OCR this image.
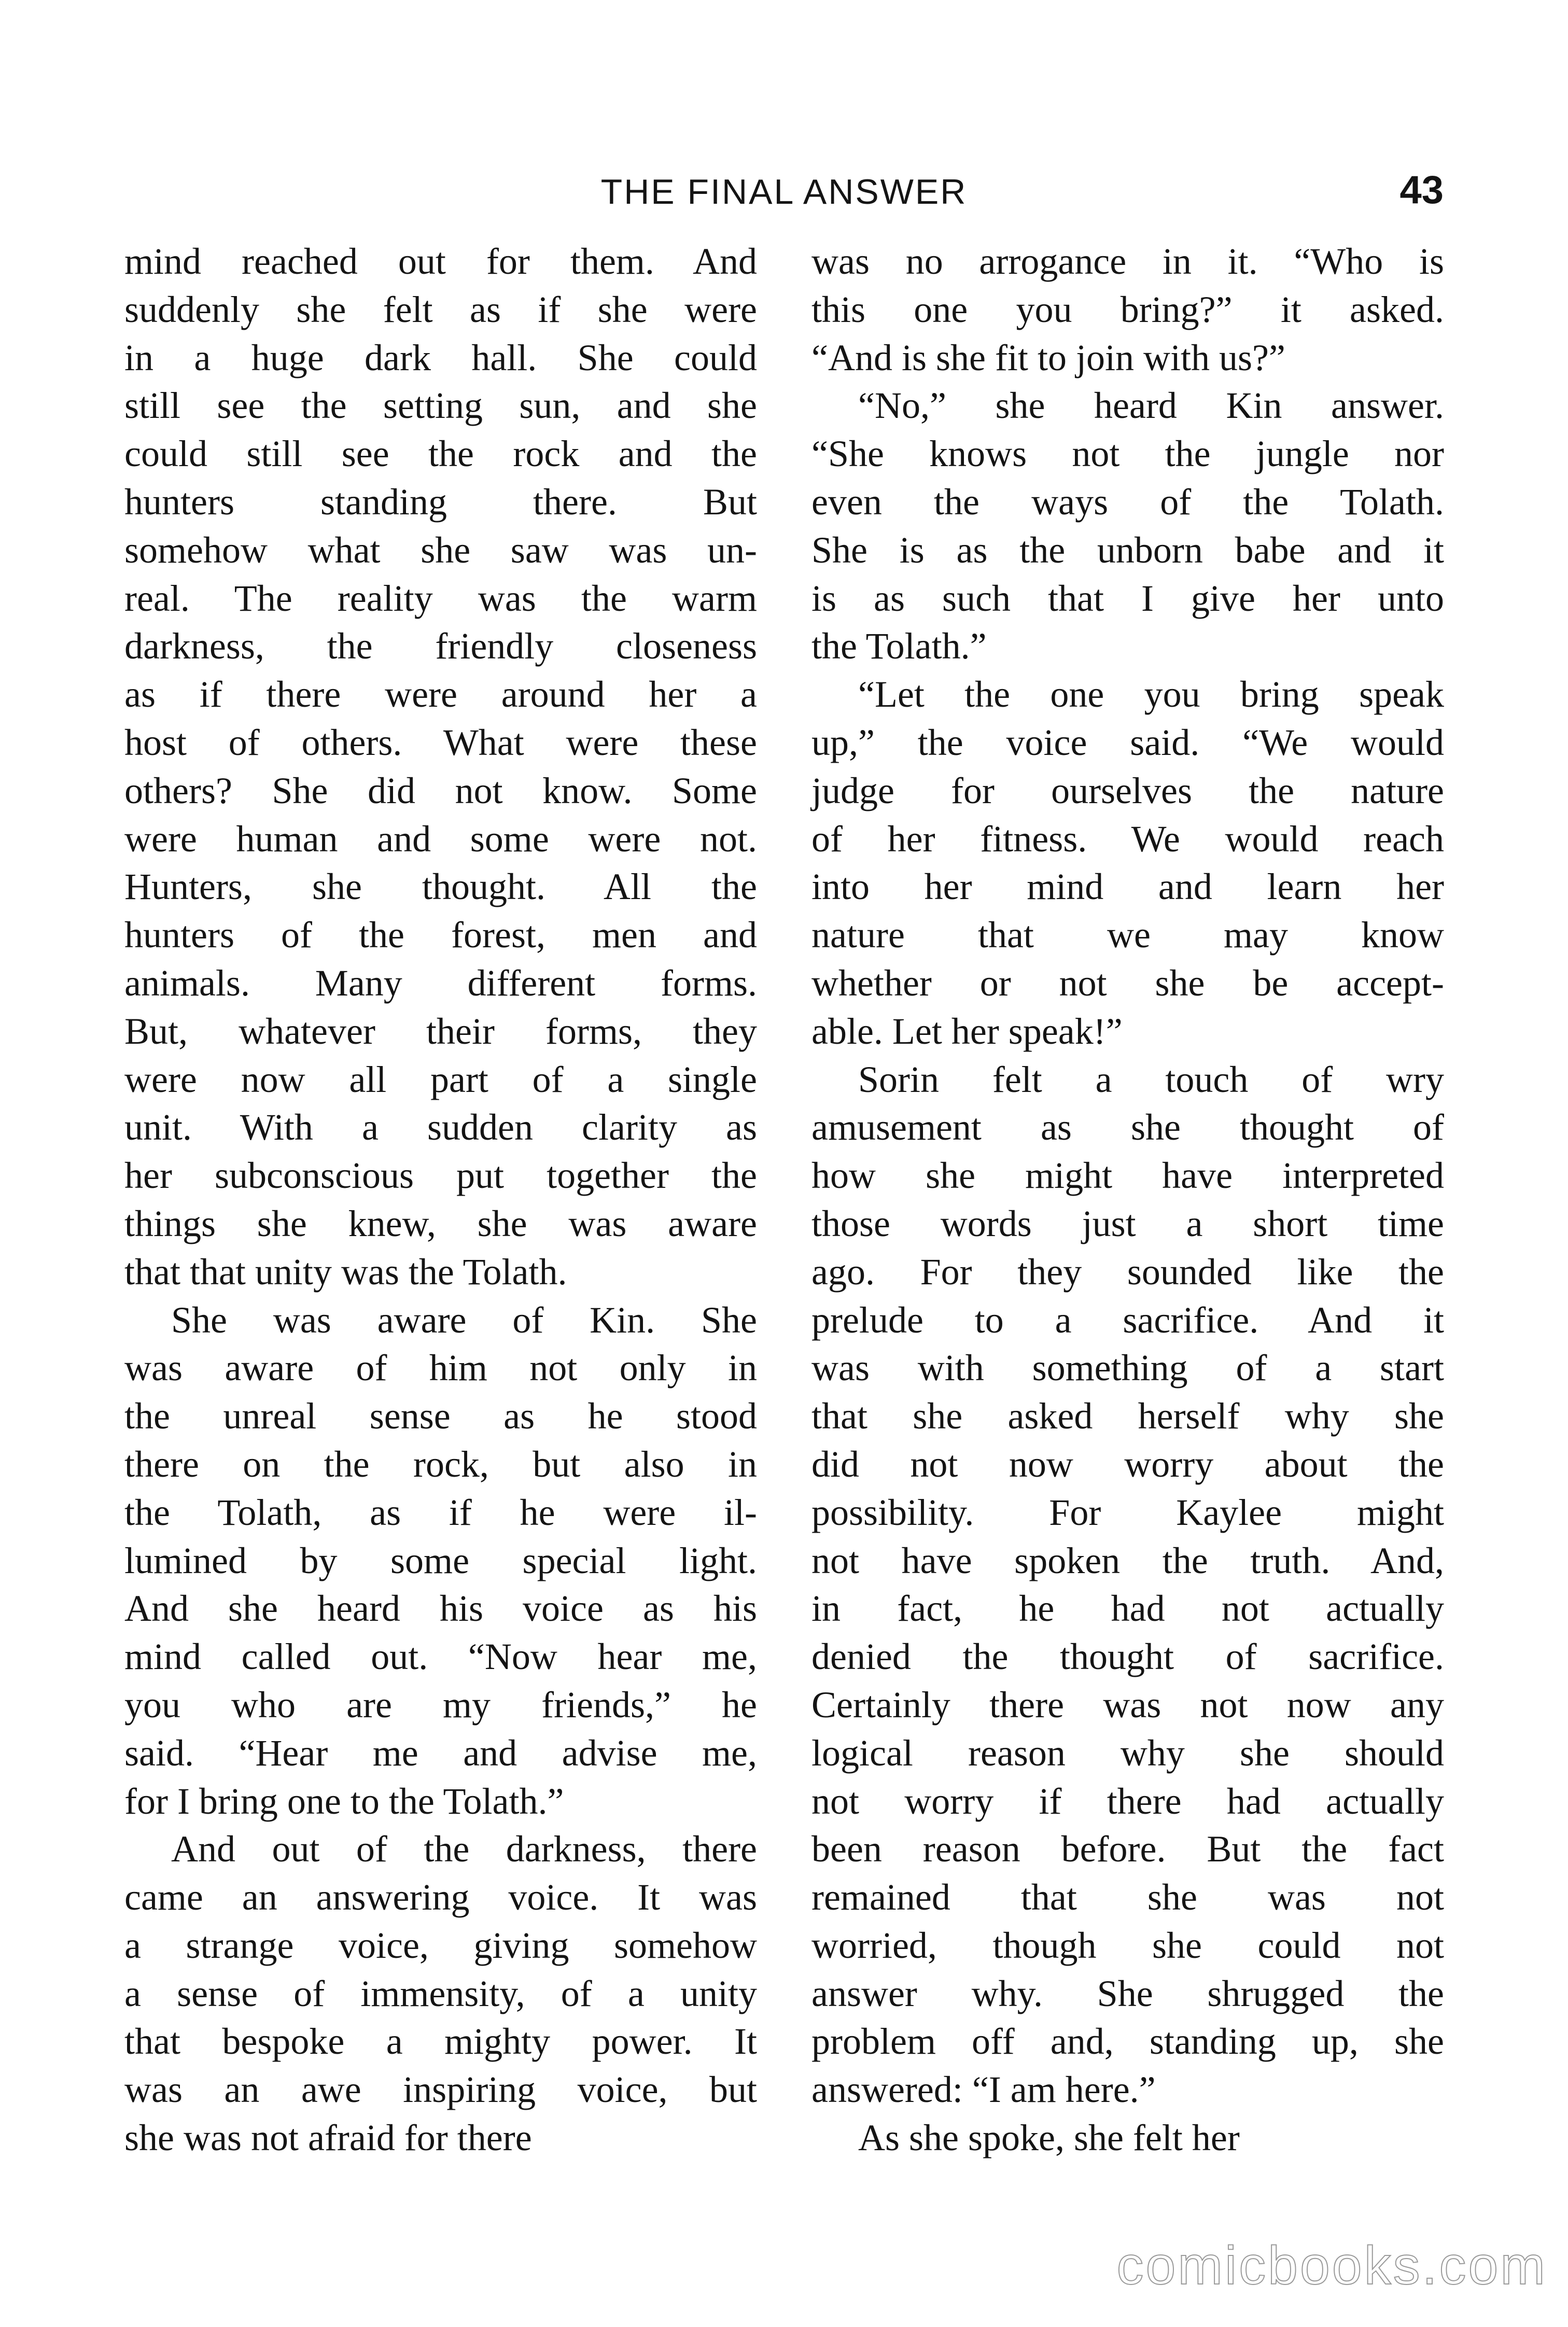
THE FINAL ANSWER	43
mind reached out for them. And
suddenly she felt as if she were
in a huge dark hall. She could
still see the setting sun, and she
could still see the rock and the
hunters standing there. But
somehow what she saw was un-
real. The reality was the warm
darkness, the friendly closeness
as if there were around her a
host of others. What were these
others? She did not know. Some
were human and some were not.
Hunters, she thought. All the
hunters of the forest, men and
animals. Many different forms.
But, whatever their forms, they
were now all part of a single
unit. With a sudden clarity as
her subconscious put together the
things she knew, she was aware
that that unity was the Tolath.
She was aware of Kin. She
was aware of him not only in
the unreal sense as he stood
there on the rock, but also in
the Tolath, as if he were il-
lumined by some special light.
And she heard his voice as his
mind called out. “Now hear me,
you who are my friends,” he
said. “Hear me and advise me,
for I bring one to the Tolath.”
And out of the darkness, there
came an answering voice. It was
a strange voice, giving somehow
a sense of immensity, of a unity
that bespoke a mighty power. It
was an awe inspiring voice, but
she was not afraid for there
was no arrogance in it. “Who is
this one you bring?” it asked.
“And is she fit to join with us?”
“No,” she heard Kin answer.
“She knows not the jungle nor
even the ways of the Tolath.
She is as the unborn babe and it
is as such that I give her unto
the Tolath.”
“Let the one you bring speak
up,” the voice said. “We would
judge for ourselves the nature
of her fitness. We would reach
into her mind and learn her
nature that we may know
whether or not she be accept-
able. Let her speak!”
Sorin felt a touch of wry
amusement as she thought of
how she might have interpreted
those words just a short time
ago. For they sounded like the
prelude to a sacrifice. And it
was with something of a start
that she asked herself why she
did not now worry about the
possibility. For Kaylee might
not have spoken the truth. And,
in fact, he had not actually
denied the thought of sacrifice.
Certainly there was not now any
logical reason why she should
not worry if there had actually
been reason before. But the fact
remained that she was not
worried, though she could not
answer why. She shrugged the
problem off and, standing up, she
answered: “I am here.”
As she spoke, she felt her
comicbooks.com
